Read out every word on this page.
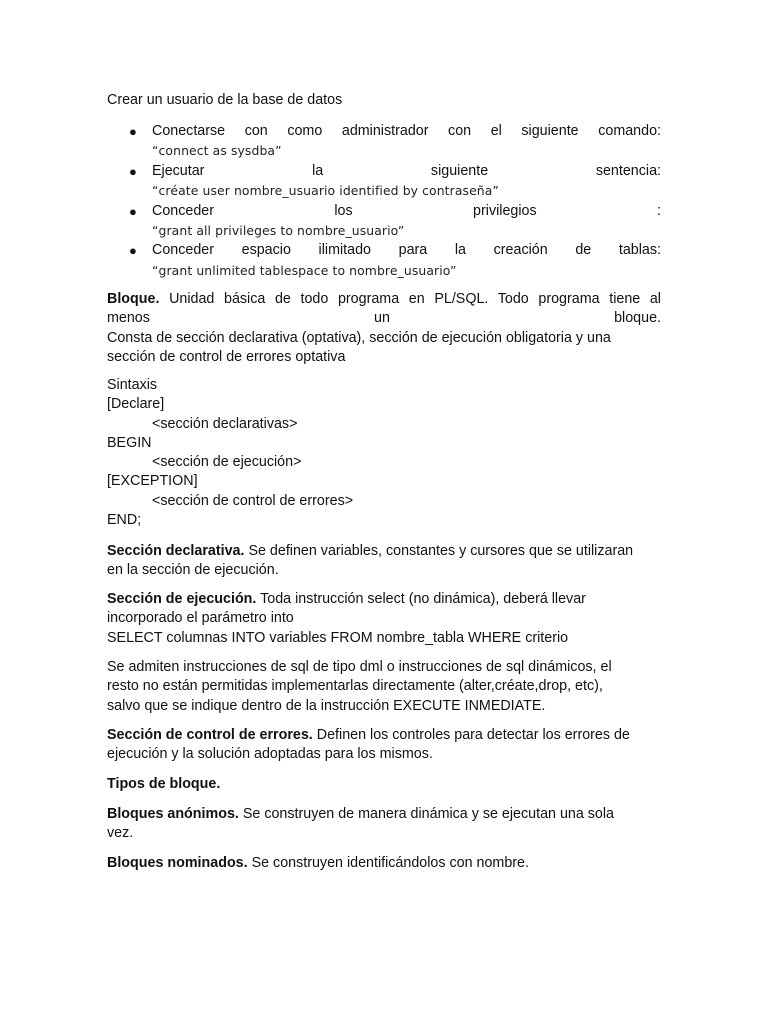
Crear un usuario de la base de datos

● Conectarse con como administrador con el siguiente comando:
“connect as sysdba”
● Ejecutar la siguiente sentencia:
“créate user nombre_usuario identified by contraseña”
● Conceder los privilegios :
“grant all privileges to nombre_usuario”
● Conceder espacio ilimitado para la creación de tablas:
“grant unlimited tablespace to nombre_usuario”
Bloque. Unidad básica de todo programa en PL/SQL. Todo programa tiene al
menos un bloque.
Consta de sección declarativa (optativa), sección de ejecución obligatoria y una
sección de control de errores optativa
Sintaxis
[Declare]
<sección declarativas>
BEGIN
<sección de ejecución>
[EXCEPTION]
<sección de control de errores>
END;
Sección declarativa. Se definen variables, constantes y cursores que se utilizaran
en la sección de ejecución.
Sección de ejecución. Toda instrucción select (no dinámica), deberá llevar
incorporado el parámetro into
SELECT columnas INTO variables FROM nombre_tabla WHERE criterio
Se admiten instrucciones de sql de tipo dml o instrucciones de sql dinámicos, el
resto no están permitidas implementarlas directamente (alter,créate,drop, etc),
salvo que se indique dentro de la instrucción EXECUTE INMEDIATE.
Sección de control de errores. Definen los controles para detectar los errores de
ejecución y la solución adoptadas para los mismos.
Tipos de bloque.
Bloques anónimos. Se construyen de manera dinámica y se ejecutan una sola
vez.
Bloques nominados. Se construyen identificándolos con nombre.
